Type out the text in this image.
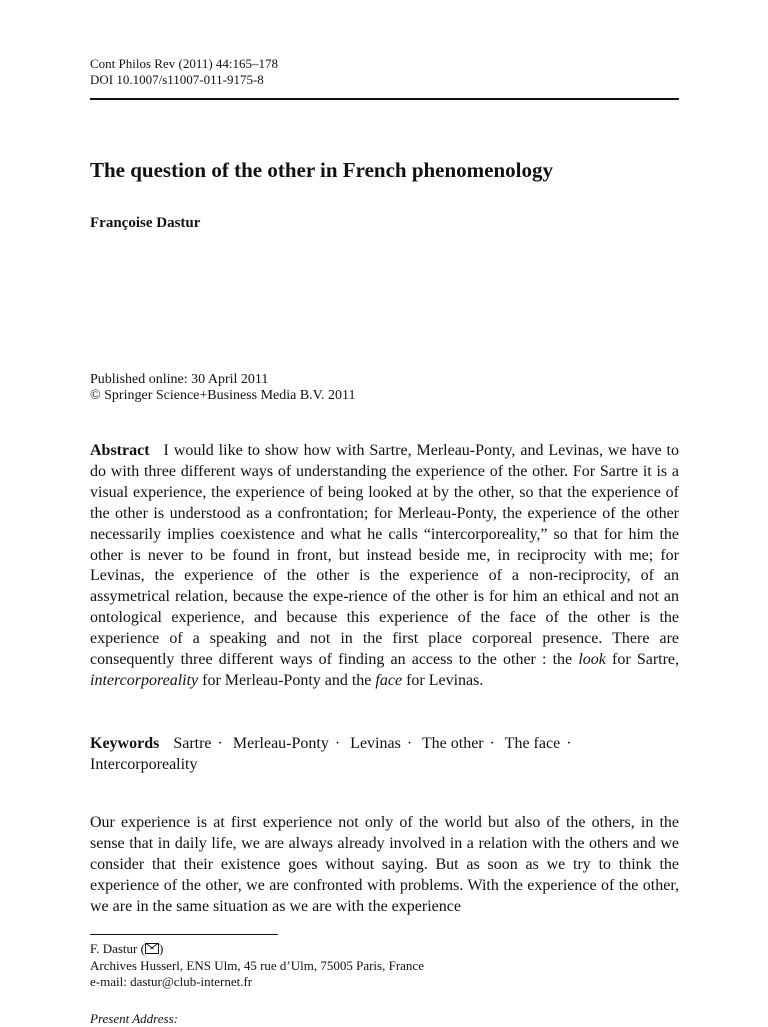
Cont Philos Rev (2011) 44:165–178
DOI 10.1007/s11007-011-9175-8
The question of the other in French phenomenology
Françoise Dastur
Published online: 30 April 2011
© Springer Science+Business Media B.V. 2011
Abstract I would like to show how with Sartre, Merleau-Ponty, and Levinas, we have to do with three different ways of understanding the experience of the other. For Sartre it is a visual experience, the experience of being looked at by the other, so that the experience of the other is understood as a confrontation; for Merleau-Ponty, the experience of the other necessarily implies coexistence and what he calls “intercorporeality,” so that for him the other is never to be found in front, but instead beside me, in reciprocity with me; for Levinas, the experience of the other is the experience of a non-reciprocity, of an assymetrical relation, because the expe-rience of the other is for him an ethical and not an ontological experience, and because this experience of the face of the other is the experience of a speaking and not in the first place corporeal presence. There are consequently three different ways of finding an access to the other : the look for Sartre, intercorporeality for Merleau-Ponty and the face for Levinas.
Keywords Sartre · Merleau-Ponty · Levinas · The other · The face · Intercorporeality
Our experience is at first experience not only of the world but also of the others, in the sense that in daily life, we are always already involved in a relation with the others and we consider that their existence goes without saying. But as soon as we try to think the experience of the other, we are confronted with problems. With the experience of the other, we are in the same situation as we are with the experience
F. Dastur ( )
Archives Husserl, ENS Ulm, 45 rue d’Ulm, 75005 Paris, France
e-mail: dastur@club-internet.fr
Present Address:
